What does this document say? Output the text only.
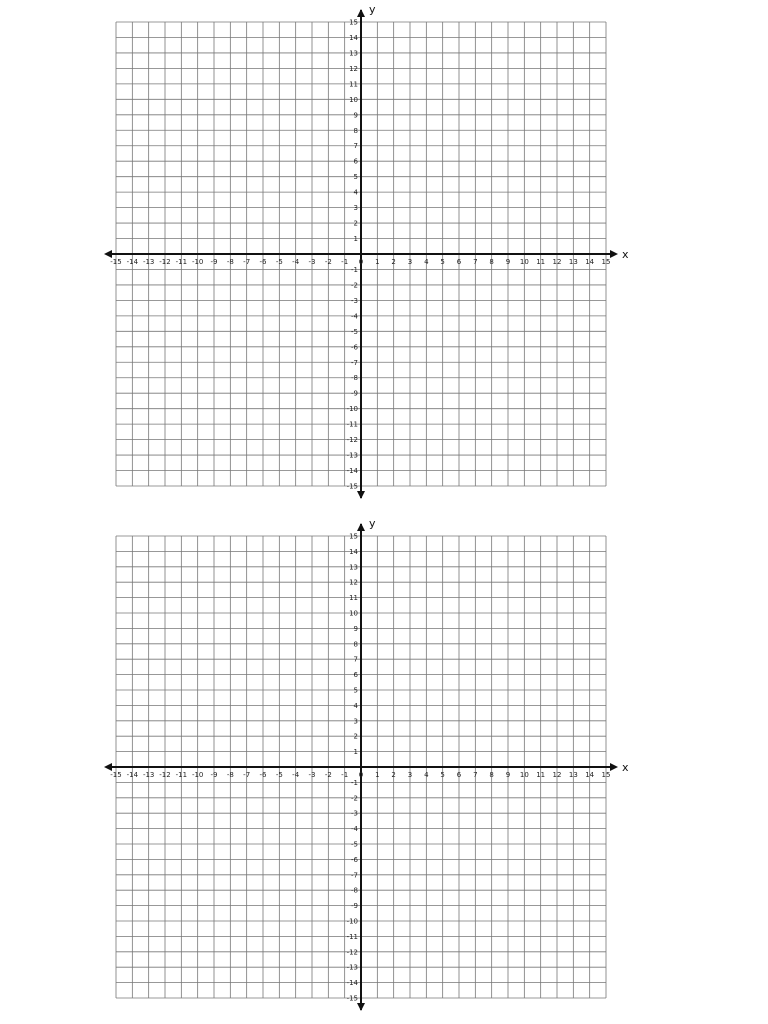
x
y
-15 -14 -13 -12 -11 -10 -9 -8 -7 -6 -5 -4 -3 -2 -1 0 1 2 3 4 5 6 7 8 9 10 11 12 13 14 15
15
14
13
12
11
10
9
8
7
6
5
4
3
2
1
-1
-2
-3
-4
-5
-6
-7
-8
-9
-10
-11
-12
-13
-14
-15
x
y
-15 -14 -13 -12 -11 -10 -9 -8 -7 -6 -5 -4 -3 -2 -1 0 1 2 3 4 5 6 7 8 9 10 11 12 13 14 15
15
14
13
12
11
10
9
8
7
6
5
4
3
2
1
-1
-2
-3
-4
-5
-6
-7
-8
-9
-10
-11
-12
-13
-14
-15
